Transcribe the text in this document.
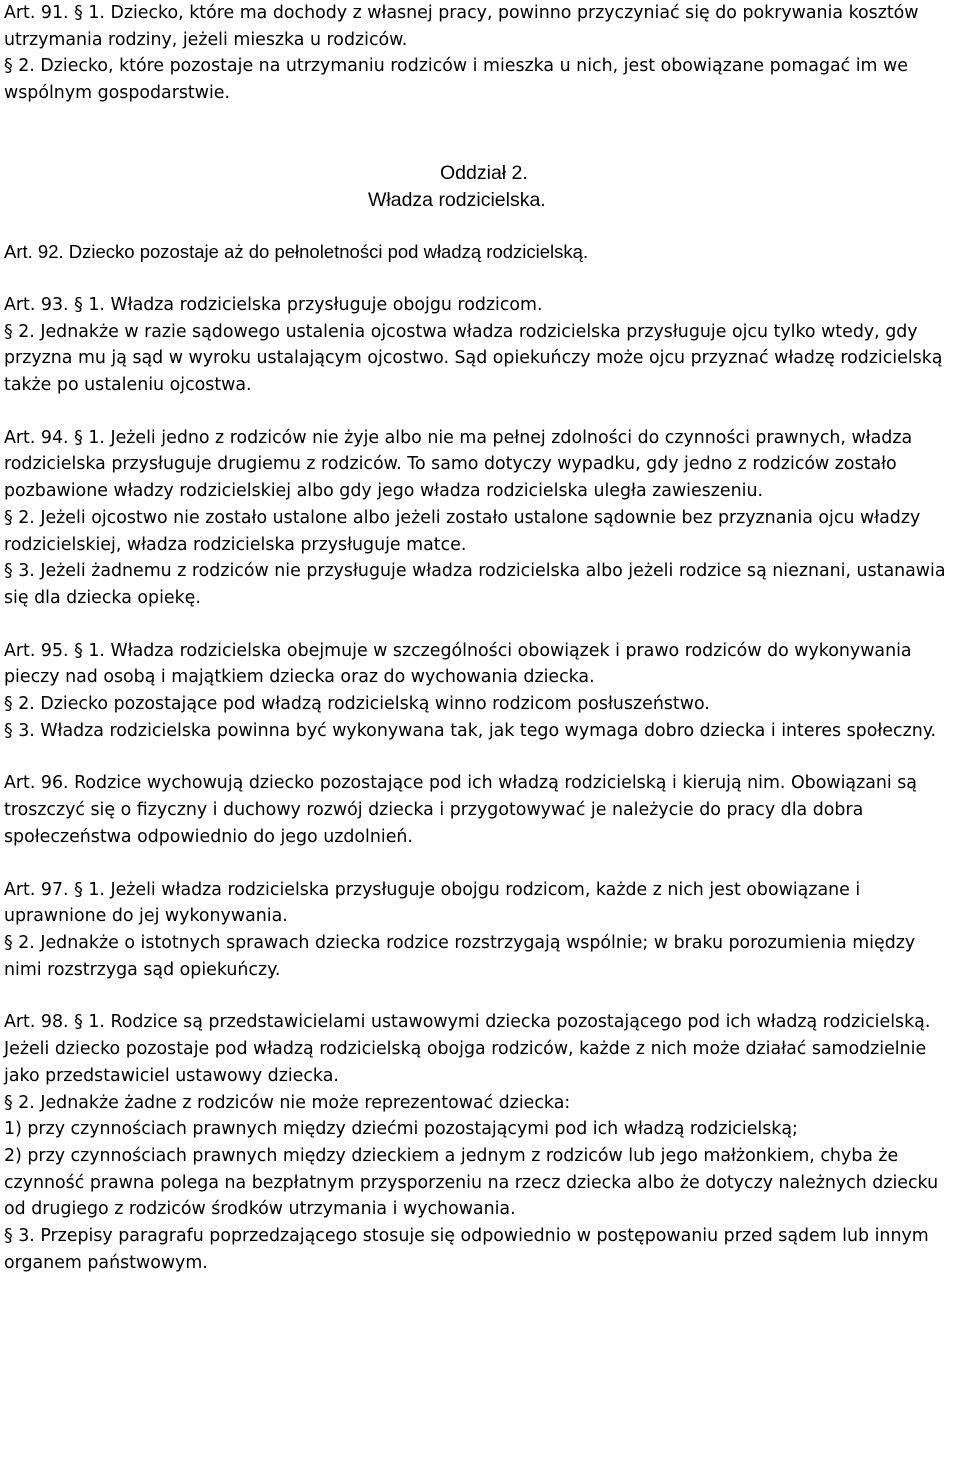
Art. 91. § 1. Dziecko, które ma dochody z własnej pracy, powinno przyczyniać się do pokrywania kosztów utrzymania rodziny, jeżeli mieszka u rodziców.

§ 2. Dziecko, które pozostaje na utrzymaniu rodziców i mieszka u nich, jest obowiązane pomagać im we wspólnym gospodarstwie.

Oddział 2.

Władza rodzicielska.

Art. 92. Dziecko pozostaje aż do pełnoletności pod władzą rodzicielską.

Art. 93. § 1. Władza rodzicielska przysługuje obojgu rodzicom.

§ 2. Jednakże w razie sądowego ustalenia ojcostwa władza rodzicielska przysługuje ojcu tylko wtedy, gdy przyzna mu ją sąd w wyroku ustalającym ojcostwo. Sąd opiekuńczy może ojcu przyznać władzę rodzicielską także po ustaleniu ojcostwa.

Art. 94. § 1. Jeżeli jedno z rodziców nie żyje albo nie ma pełnej zdolności do czynności prawnych, władza rodzicielska przysługuje drugiemu z rodziców. To samo dotyczy wypadku, gdy jedno z rodziców zostało pozbawione władzy rodzicielskiej albo gdy jego władza rodzicielska uległa zawieszeniu.

§ 2. Jeżeli ojcostwo nie zostało ustalone albo jeżeli zostało ustalone sądownie bez przyznania ojcu władzy rodzicielskiej, władza rodzicielska przysługuje matce.

§ 3. Jeżeli żadnemu z rodziców nie przysługuje władza rodzicielska albo jeżeli rodzice są nieznani, ustanawia się dla dziecka opiekę.

Art. 95. § 1. Władza rodzicielska obejmuje w szczególności obowiązek i prawo rodziców do wykonywania pieczy nad osobą i majątkiem dziecka oraz do wychowania dziecka.

§ 2. Dziecko pozostające pod władzą rodzicielską winno rodzicom posłuszeństwo.

§ 3. Władza rodzicielska powinna być wykonywana tak, jak tego wymaga dobro dziecka i interes społeczny.

Art. 96. Rodzice wychowują dziecko pozostające pod ich władzą rodzicielską i kierują nim. Obowiązani są troszczyć się o fizyczny i duchowy rozwój dziecka i przygotowywać je należycie do pracy dla dobra społeczeństwa odpowiednio do jego uzdolnień.

Art. 97. § 1. Jeżeli władza rodzicielska przysługuje obojgu rodzicom, każde z nich jest obowiązane i uprawnione do jej wykonywania.

§ 2. Jednakże o istotnych sprawach dziecka rodzice rozstrzygają wspólnie; w braku porozumienia między nimi rozstrzyga sąd opiekuńczy.

Art. 98. § 1. Rodzice są przedstawicielami ustawowymi dziecka pozostającego pod ich władzą rodzicielską. Jeżeli dziecko pozostaje pod władzą rodzicielską obojga rodziców, każde z nich może działać samodzielnie jako przedstawiciel ustawowy dziecka.

§ 2. Jednakże żadne z rodziców nie może reprezentować dziecka:

1) przy czynnościach prawnych między dziećmi pozostającymi pod ich władzą rodzicielską;

2) przy czynnościach prawnych między dzieckiem a jednym z rodziców lub jego małżonkiem, chyba że czynność prawna polega na bezpłatnym przysporzeniu na rzecz dziecka albo że dotyczy należnych dziecku od drugiego z rodziców środków utrzymania i wychowania.

§ 3. Przepisy paragrafu poprzedzającego stosuje się odpowiednio w postępowaniu przed sądem lub innym organem państwowym.
